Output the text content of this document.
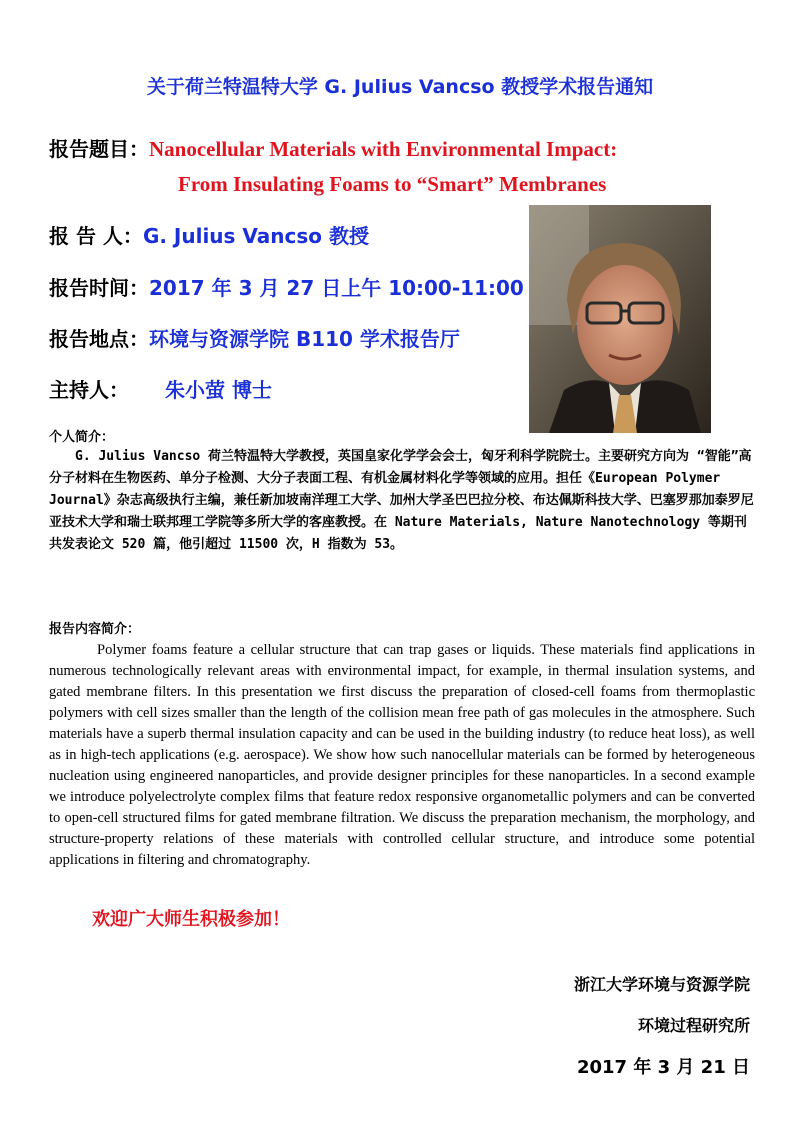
关于荷兰特温特大学 G. Julius Vancso 教授学术报告通知
报告题目：Nanocellular Materials with Environmental Impact:
From Insulating Foams to “Smart” Membranes
报 告 人：G. Julius Vancso 教授
报告时间：2017 年 3 月 27 日上午 10:00-11:00
报告地点：环境与资源学院 B110 学术报告厅
主持人： 朱小萤 博士
个人简介：

G. Julius Vancso 荷兰特温特大学教授，英国皇家化学学会会士，匈牙利科学院院士。主要研究方向为 “智能”高分子材料在生物医药、单分子检测、大分子表面工程、有机金属材料化学等领域的应用。担任《European Polymer Journal》杂志高级执行主编，兼任新加坡南洋理工大学、加州大学圣巴巴拉分校、布达佩斯科技大学、巴塞罗那加泰罗尼亚技术大学和瑞士联邦理工学院等多所大学的客座教授。在 Nature Materials, Nature Nanotechnology 等期刊共发表论文 520 篇，他引超过 11500 次，H 指数为 53。

报告内容简介：

Polymer foams feature a cellular structure that can trap gases or liquids. These materials find applications in numerous technologically relevant areas with environmental impact, for example, in thermal insulation systems, and gated membrane filters. In this presentation we first discuss the preparation of closed-cell foams from thermoplastic polymers with cell sizes smaller than the length of the collision mean free path of gas molecules in the atmosphere. Such materials have a superb thermal insulation capacity and can be used in the building industry (to reduce heat loss), as well as in high-tech applications (e.g. aerospace). We show how such nanocellular materials can be formed by heterogeneous nucleation using engineered nanoparticles, and provide designer principles for these nanoparticles. In a second example we introduce polyelectrolyte complex films that feature redox responsive organometallic polymers and can be converted to open-cell structured films for gated membrane filtration. We discuss the preparation mechanism, the morphology, and structure-property relations of these materials with controlled cellular structure, and introduce some potential applications in filtering and chromatography.

欢迎广大师生积极参加！
浙江大学环境与资源学院
环境过程研究所
2017 年 3 月 21 日
